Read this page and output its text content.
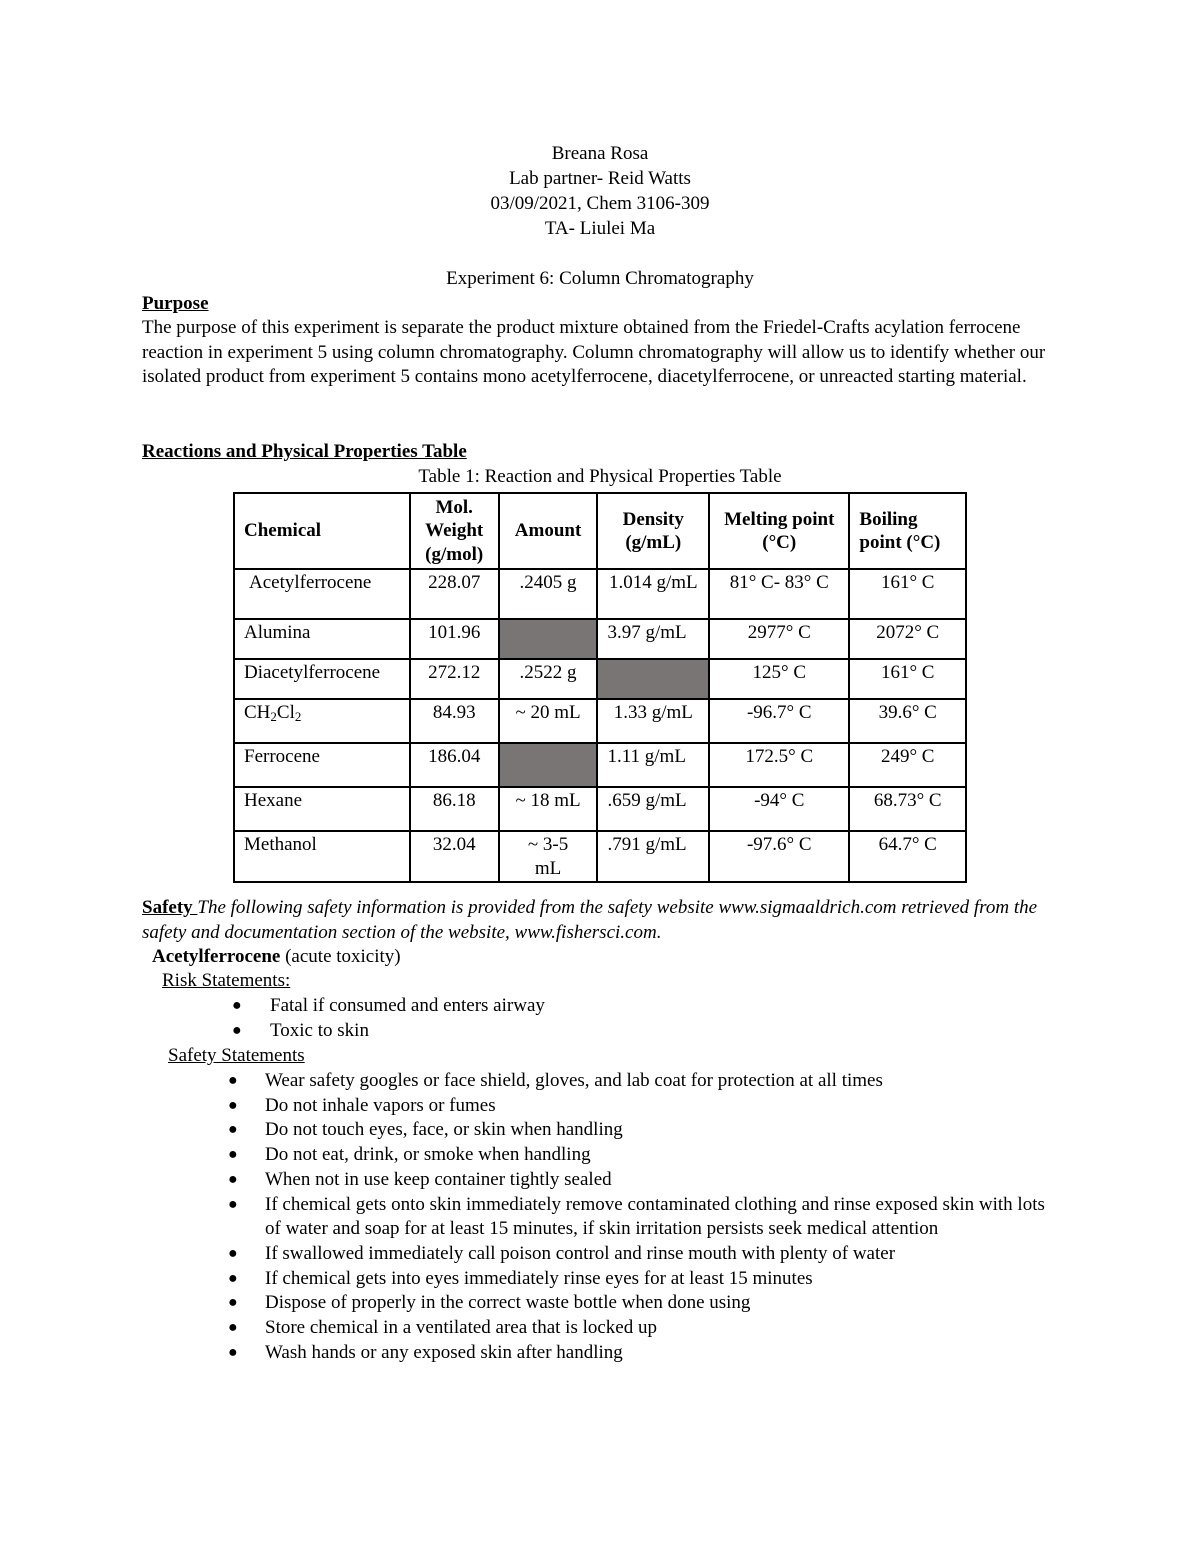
Breana Rosa
Lab partner- Reid Watts
03/09/2021, Chem 3106-309
TA- Liulei Ma
Experiment 6: Column Chromatography
Purpose
The purpose of this experiment is separate the product mixture obtained from the Friedel-Crafts acylation ferrocene reaction in experiment 5 using column chromatography. Column chromatography will allow us to identify whether our isolated product from experiment 5 contains mono acetylferrocene, diacetylferrocene, or unreacted starting material.
Reactions and Physical Properties Table
Table 1: Reaction and Physical Properties Table
Chemical	Mol. Weight (g/mol)	Amount	Density (g/mL)	Melting point (°C)	Boiling point (°C)
Acetylferrocene	228.07	.2405 g	1.014 g/mL	81° C- 83° C	161° C
Alumina	101.96		3.97 g/mL	2977° C	2072° C
Diacetylferrocene	272.12	.2522 g		125° C	161° C
$CH_2Cl_2$	84.93	~ 20 mL	1.33 g/mL	-96.7° C	39.6° C
Ferrocene	186.04		1.11 g/mL	172.5° C	249° C
Hexane	86.18	~ 18 mL	.659 g/mL	-94° C	68.73° C
Methanol	32.04	~ 3-5 mL	.791 g/mL	-97.6° C	64.7° C
Safety The following safety information is provided from the safety website www.sigmaaldrich.com retrieved from the safety and documentation section of the website, www.fishersci.com.
Acetylferrocene (acute toxicity)
Risk Statements:
● Fatal if consumed and enters airway
● Toxic to skin
Safety Statements
● Wear safety googles or face shield, gloves, and lab coat for protection at all times
● Do not inhale vapors or fumes
● Do not touch eyes, face, or skin when handling
● Do not eat, drink, or smoke when handling
● When not in use keep container tightly sealed
● If chemical gets onto skin immediately remove contaminated clothing and rinse exposed skin with lots of water and soap for at least 15 minutes, if skin irritation persists seek medical attention
● If swallowed immediately call poison control and rinse mouth with plenty of water
● If chemical gets into eyes immediately rinse eyes for at least 15 minutes
● Dispose of properly in the correct waste bottle when done using
● Store chemical in a ventilated area that is locked up
● Wash hands or any exposed skin after handling
